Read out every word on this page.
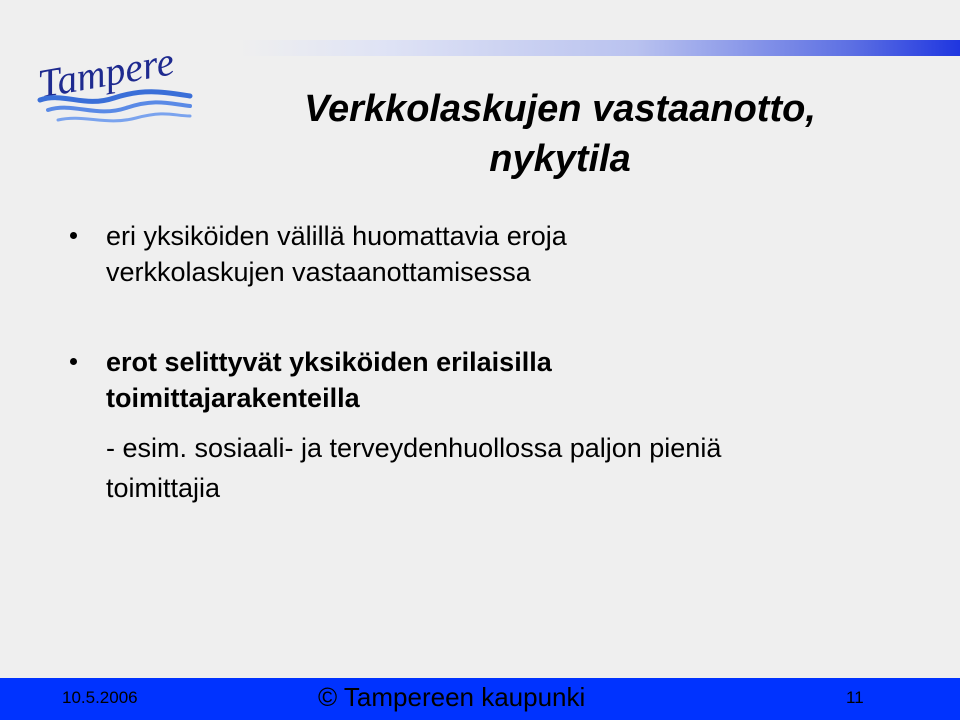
Tampere
Verkkolaskujen vastaanotto,
nykytila
eri yksiköiden välillä huomattavia eroja
verkkolaskujen vastaanottamisessa
erot selittyvät yksiköiden erilaisilla
toimittajarakenteilla
- esim. sosiaali- ja terveydenhuollossa paljon pieniä
toimittajia
10.5.2006	© Tampereen kaupunki	11
